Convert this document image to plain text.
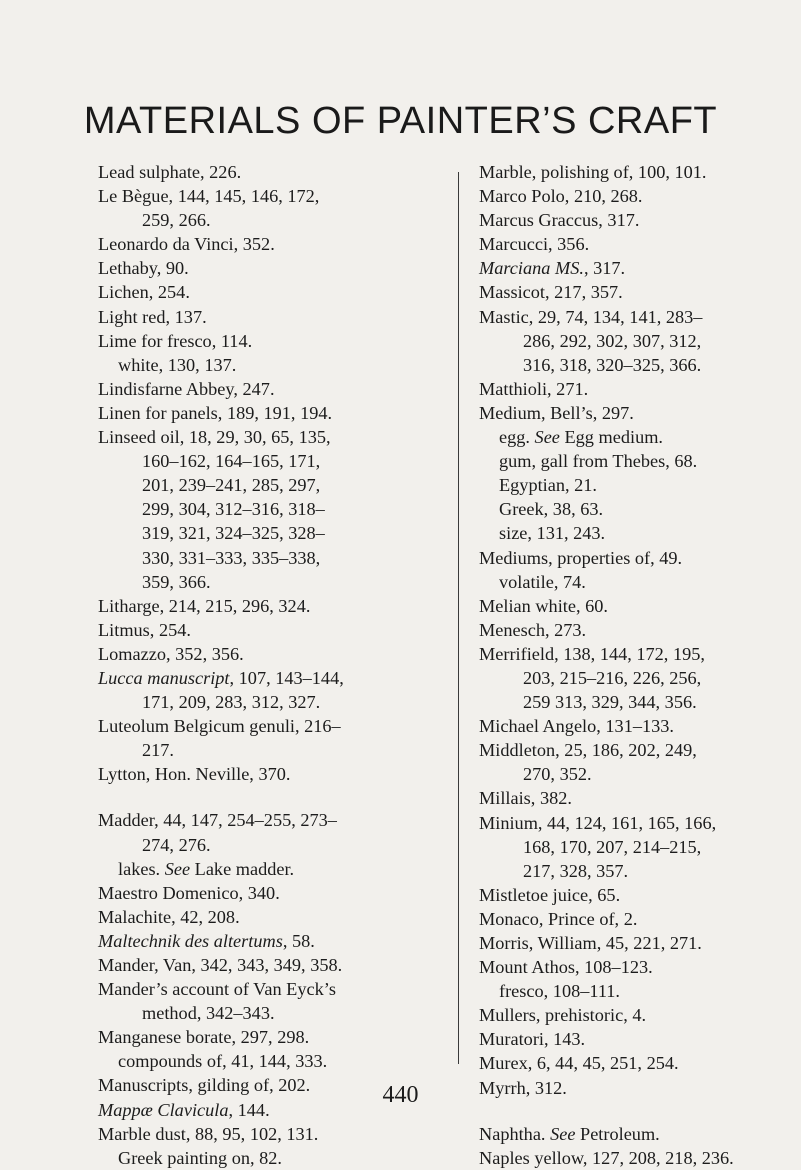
MATERIALS OF PAINTER’S CRAFT
Lead sulphate, 226.
Le Bègue, 144, 145, 146, 172,
259, 266.
Leonardo da Vinci, 352.
Lethaby, 90.
Lichen, 254.
Light red, 137.
Lime for fresco, 114.
white, 130, 137.
Lindisfarne Abbey, 247.
Linen for panels, 189, 191, 194.
Linseed oil, 18, 29, 30, 65, 135,
160–162, 164–165, 171,
201, 239–241, 285, 297,
299, 304, 312–316, 318–
319, 321, 324–325, 328–
330, 331–333, 335–338,
359, 366.
Litharge, 214, 215, 296, 324.
Litmus, 254.
Lomazzo, 352, 356.
Lucca manuscript, 107, 143–144,
171, 209, 283, 312, 327.
Luteolum Belgicum genuli, 216–
217.
Lytton, Hon. Neville, 370.
Madder, 44, 147, 254–255, 273–
274, 276.
lakes. See Lake madder.
Maestro Domenico, 340.
Malachite, 42, 208.
Maltechnik des altertums, 58.
Mander, Van, 342, 343, 349, 358.
Mander’s account of Van Eyck’s
method, 342–343.
Manganese borate, 297, 298.
compounds of, 41, 144, 333.
Manuscripts, gilding of, 202.
Mappæ Clavicula, 144.
Marble dust, 88, 95, 102, 131.
Greek painting on, 82.
Marble, polishing of, 100, 101.
Marco Polo, 210, 268.
Marcus Graccus, 317.
Marcucci, 356.
Marciana MS., 317.
Massicot, 217, 357.
Mastic, 29, 74, 134, 141, 283–
286, 292, 302, 307, 312,
316, 318, 320–325, 366.
Matthioli, 271.
Medium, Bell’s, 297.
egg. See Egg medium.
gum, gall from Thebes, 68.
Egyptian, 21.
Greek, 38, 63.
size, 131, 243.
Mediums, properties of, 49.
volatile, 74.
Melian white, 60.
Menesch, 273.
Merrifield, 138, 144, 172, 195,
203, 215–216, 226, 256,
259 313, 329, 344, 356.
Michael Angelo, 131–133.
Middleton, 25, 186, 202, 249,
270, 352.
Millais, 382.
Minium, 44, 124, 161, 165, 166,
168, 170, 207, 214–215,
217, 328, 357.
Mistletoe juice, 65.
Monaco, Prince of, 2.
Morris, William, 45, 221, 271.
Mount Athos, 108–123.
fresco, 108–111.
Mullers, prehistoric, 4.
Muratori, 143.
Murex, 6, 44, 45, 251, 254.
Myrrh, 312.
Naphtha. See Petroleum.
Naples yellow, 127, 208, 218, 236.
440
